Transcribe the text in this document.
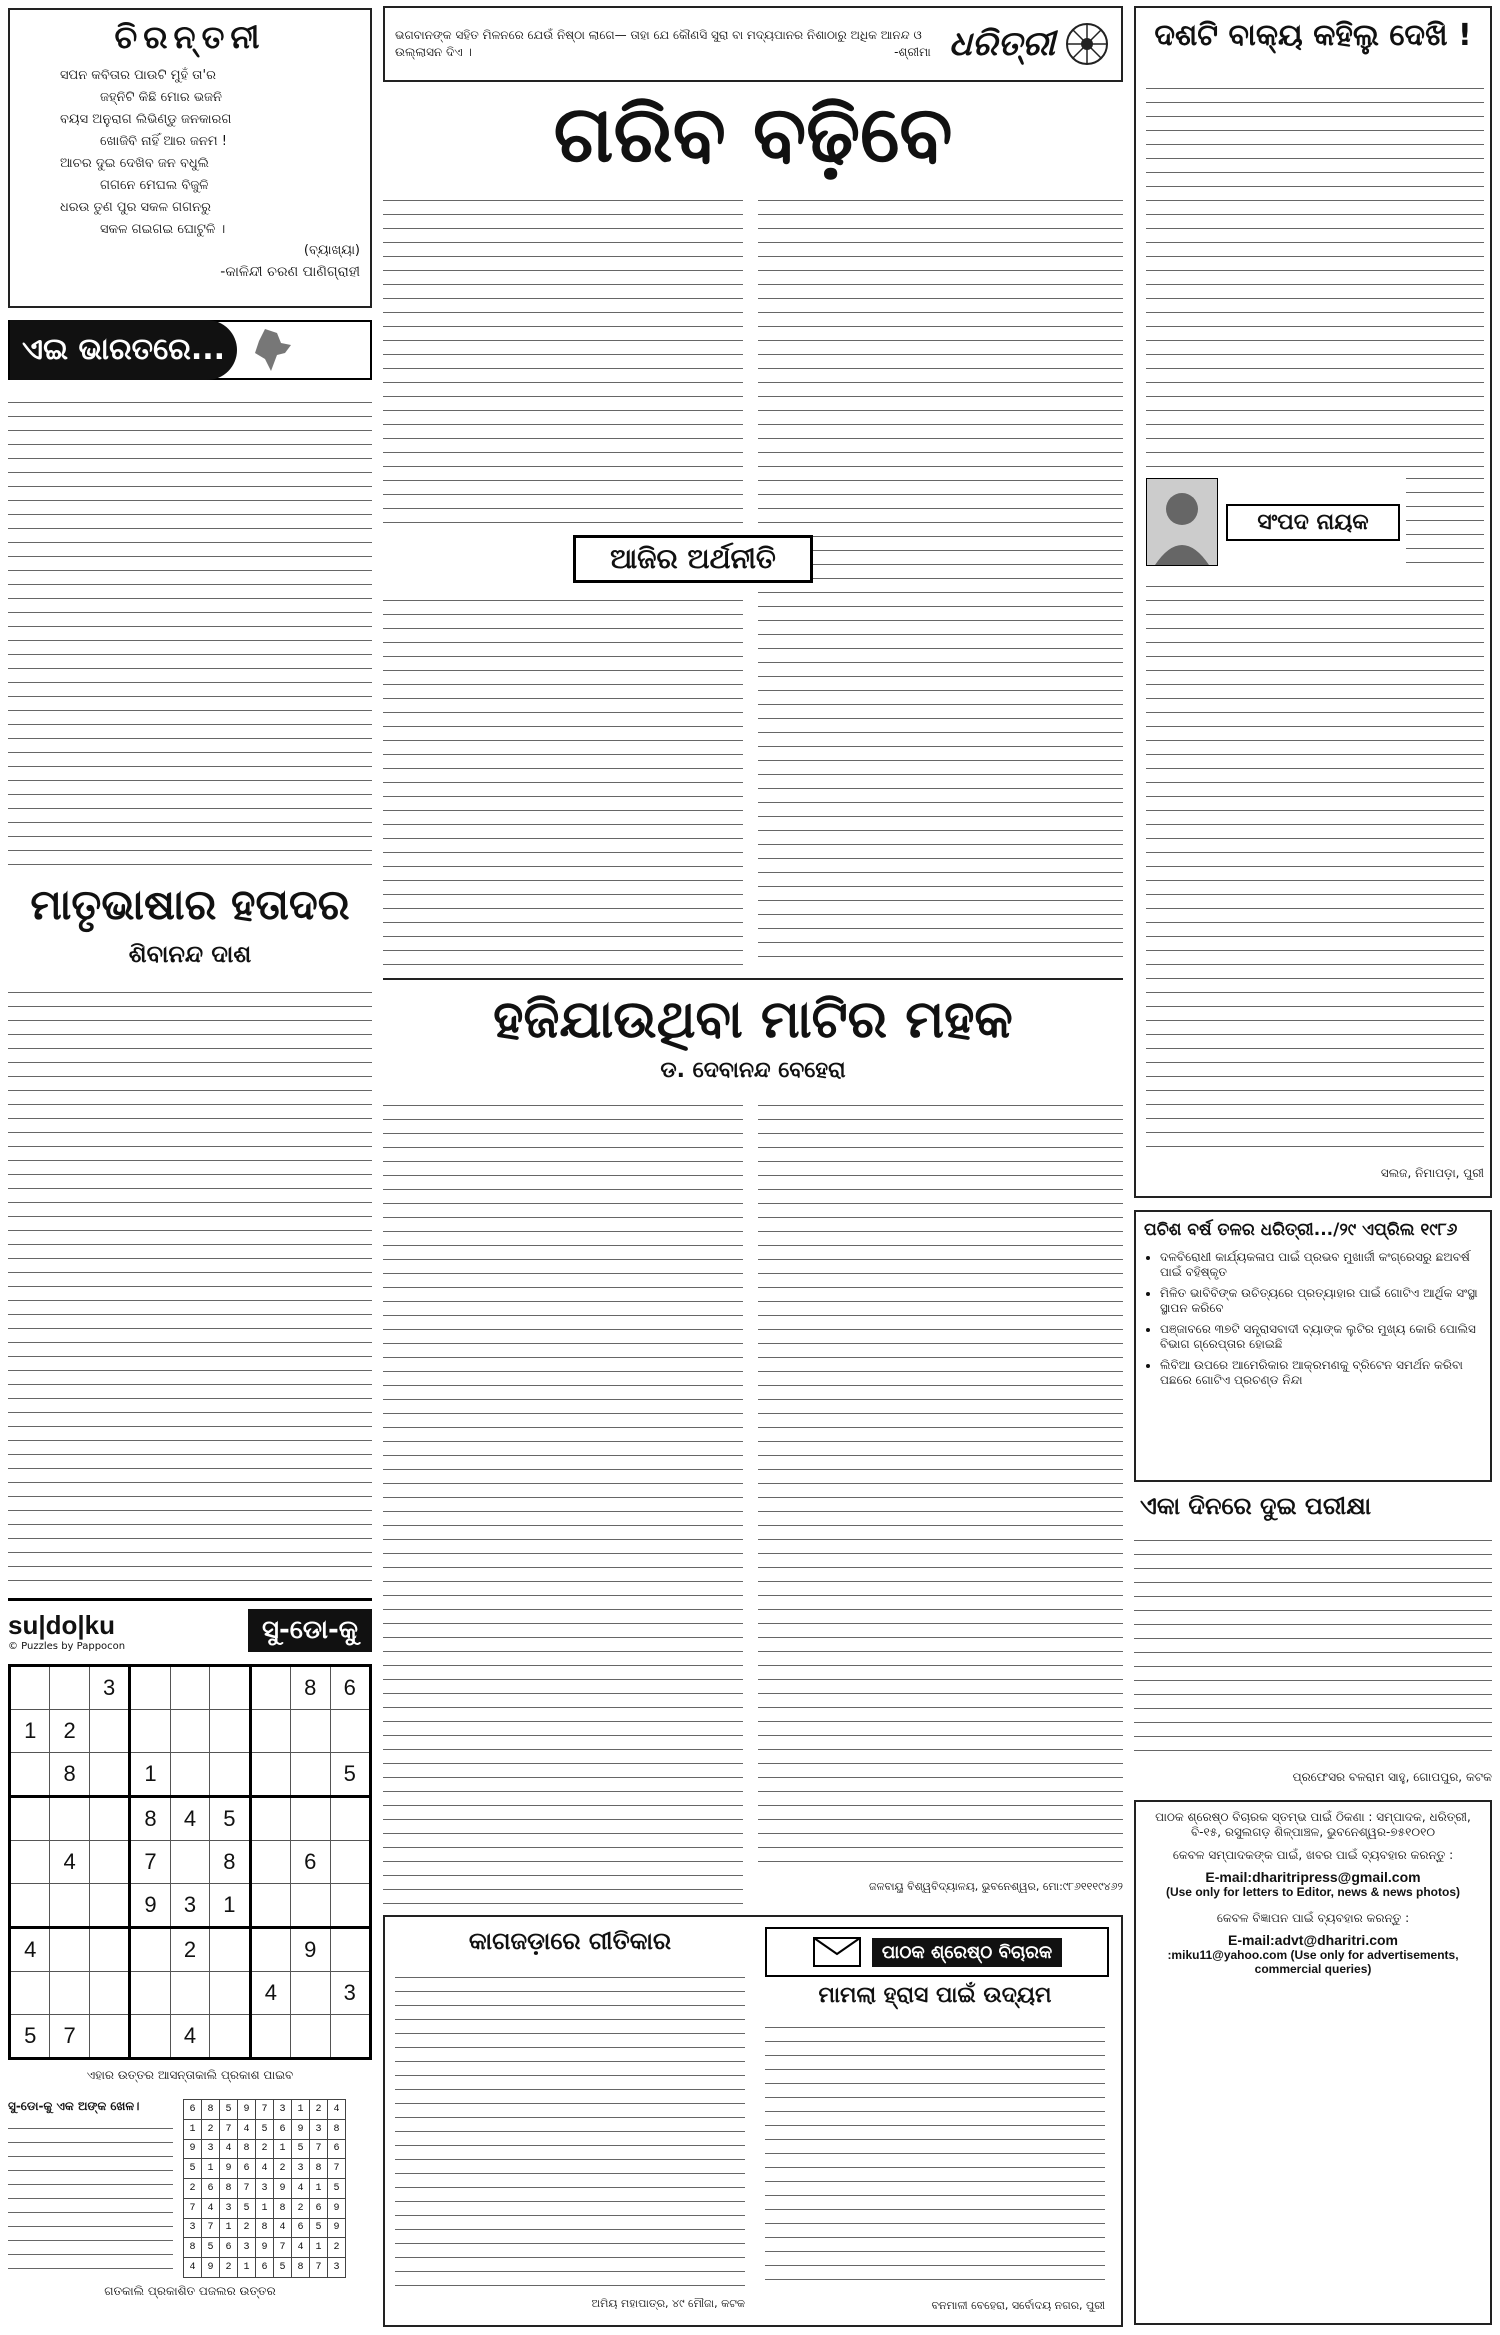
ଚିରନ୍ତନୀ
ସପନ କବିତାର ପାଉଟି ମୁହଁ ତା'ର
ଜହ୍ନିଟି କିଛି ମୋର ଭଜନି
ବୟସ ଅନୁରାଗ ଲିଭିଣ୍ଡୁ ଜନକାରଗ
ଖୋଜିବି ନାହିଁ ଆର ଜନମ !
ଆଚର ଦୁଇ ଦେଖିବ ଜନ ବଧୁଲି
ଗଗନେ ମେଘଲ ବିଜୁଳି
ଧରଉ ତୁଣ ପୁର ସକଳ ଗଗନରୁ
ସକଳ ଗଇଗଇ ଘୋଟୁଳି ।
(ବ୍ୟାଖ୍ୟା)
-କାଳିନ୍ଦୀ ଚରଣ ପାଣିଗ୍ରାହୀ
ଏଇ ଭାରତରେ...
ମାତୃଭାଷାର ହତାଦର
ଶିବାନନ୍ଦ ଦାଶ
su|do|ku
© Puzzles by Pappocon
ସୁ-ଡୋ-କୁ
		3					8	6
1	2							
	8		1					5
			8	4	5			
	4		7		8		6	
			9	3	1			
4				2			9	
						4		3
5	7			4				
ଏହାର ଉତ୍ତର ଆସନ୍ତାକାଲି ପ୍ରକାଶ ପାଇବ
ସୁ-ଡୋ-କୁ ଏକ ଅଙ୍କ ଖେଳ।	6	8	5	9	7	3	1	2	4
1	2	7	4	5	6	9	3	8
9	3	4	8	2	1	5	7	6
5	1	9	6	4	2	3	8	7
2	6	8	7	3	9	4	1	5
7	4	3	5	1	8	2	6	9
3	7	1	2	8	4	6	5	9
8	5	6	3	9	7	4	1	2
4	9	2	1	6	5	8	7	3
ଗତକାଲି ପ୍ରକାଶିତ ପଜଲର ଉତ୍ତର
ଭଗବାନଙ୍କ ସହିତ ମିଳନରେ ଯେଉଁ ନିଷ୍ଠା ଲାଗେ— ତାହା ଯେ କୌଣସି ସୁରା ବା ମଦ୍ୟପାନର ନିଶାଠାରୁ ଅଧିକ ଆନନ୍ଦ ଓ ଉଲ୍ଲାସନ ଦିଏ ।	-ଶ୍ରୀମା ଧରିତ୍ରୀ
ଗରିବ ବଢ଼ିବେ
ଆଜିର ଅର୍ଥନୀତି
ହଜିଯାଉଥିବା ମାଟିର ମହକ
ଡ. ଦେବାନନ୍ଦ ବେହେରା
ଜଳବାୟୁ ବିଶ୍ୱବିଦ୍ୟାଳୟ, ଭୁବନେଶ୍ୱର, ମୋ:୯୮୬୧୧୧୯୪୬୨
କାଗଜଡ଼ାରେ ଗୀତିକାର
ଅମିୟ ମହାପାତ୍ର, ୪୯ ମୌଜା, କଟକ
ପାଠକ ଶ୍ରେଷ୍ଠ ବିଚାରକ
ମାମଲା ହ୍ରାସ ପାଇଁ ଉଦ୍ୟମ
ବନମାଳୀ ବେହେରା, ସର୍ବୋଦୟ ନଗର, ପୁରୀ
ଦଶଟି ବାକ୍ୟ କହିଲୁ ଦେଖି !
ସଂପଦ ନାୟକ
ସଲଜ, ନିମାପଡ଼ା, ପୁରୀ
ପଚିଶ ବର୍ଷ ତଳର ଧରିତ୍ରୀ.../୨୯ ଏପ୍ରିଲ ୧୯୮୬
• ଦଳବିରୋଧୀ କାର୍ଯ୍ୟକଳାପ ପାଇଁ ପ୍ରଭବ ମୁଖାର୍ଜୀ କଂଗ୍ରେସରୁ ଛଅବର୍ଷ ପାଇଁ ବହିଷ୍କୃତ
• ମିଳିତ ଭାବିବିଙ୍କ ଉଚିତ୍ୟରେ ପ୍ରତ୍ୟାହାର ପାଇଁ ଗୋଟିଏ ଆର୍ଥିକ ସଂସ୍ଥା ସ୍ଥାପନ କରିବେ
• ପଞ୍ଜାବରେ ୩୭ଟି ସନ୍ତ୍ରାସବାଦୀ ବ୍ୟାଙ୍କ ଲୁଟିର ମୁଖ୍ୟ କୋରି ପୋଲିସ ବିଭାଗ ଗ୍ରେପ୍ତାର ହୋଇଛି
• ଲିବିଆ ଉପରେ ଆମେରିକାର ଆକ୍ରମଣକୁ ବ୍ରିଟେନ ସମର୍ଥନ କରିବା ପଛରେ ଗୋଟିଏ ପ୍ରଚଣ୍ଡ ନିନ୍ଦା
ଏକା ଦିନରେ ଦୁଇ ପରୀକ୍ଷା
ପ୍ରଫେସର ବଳରାମ ସାହୁ, ଗୋପପୁର, କଟକ
ପାଠକ ଶ୍ରେଷ୍ଠ ବିଚାରକ ସ୍ତମ୍ଭ ପାଇଁ ଠିକଣା : ସମ୍ପାଦକ, ଧରିତ୍ରୀ, ବି-୧୫, ରସୁଲଗଡ଼ ଶିଳ୍ପାଞ୍ଚଳ, ଭୁବନେଶ୍ୱର-୭୫୧୦୧୦
କେବଳ ସମ୍ପାଦକଙ୍କ ପାଇଁ, ଖବର ପାଇଁ ବ୍ୟବହାର କରନ୍ତୁ :
E-mail:dharitripress@gmail.com
(Use only for letters to Editor, news & news photos)
କେବଳ ବିଜ୍ଞାପନ ପାଇଁ ବ୍ୟବହାର କରନ୍ତୁ :
E-mail:advt@dharitri.com
:miku11@yahoo.com (Use only for advertisements, commercial queries)
